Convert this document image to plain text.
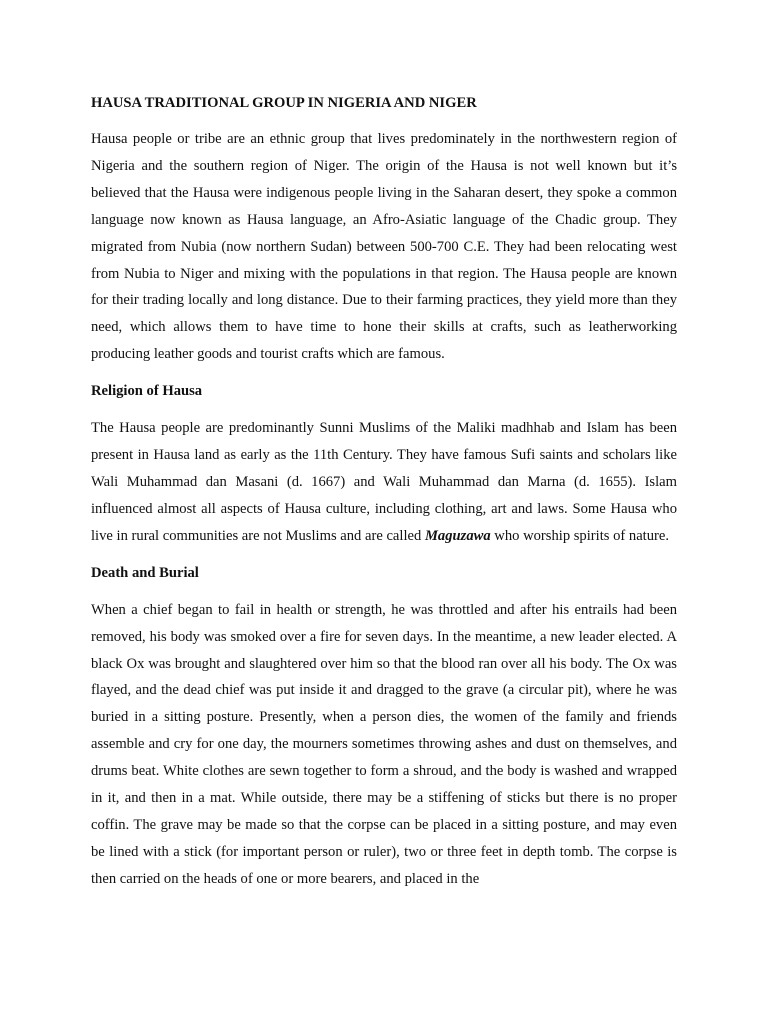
HAUSA TRADITIONAL GROUP IN NIGERIA AND NIGER

Hausa people or tribe are an ethnic group that lives predominately in the northwestern region of Nigeria and the southern region of Niger. The origin of the Hausa is not well known but it’s believed that the Hausa were indigenous people living in the Saharan desert, they spoke a common language now known as Hausa language, an Afro-Asiatic language of the Chadic group. They migrated from Nubia (now northern Sudan) between 500-700 C.E. They had been relocating west from Nubia to Niger and mixing with the populations in that region. The Hausa people are known for their trading locally and long distance. Due to their farming practices, they yield more than they need, which allows them to have time to hone their skills at crafts, such as leatherworking producing leather goods and tourist crafts which are famous.

Religion of Hausa

The Hausa people are predominantly Sunni Muslims of the Maliki madhhab and Islam has been present in Hausa land as early as the 11th Century. They have famous Sufi saints and scholars like Wali Muhammad dan Masani (d. 1667) and Wali Muhammad dan Marna (d. 1655). Islam influenced almost all aspects of Hausa culture, including clothing, art and laws. Some Hausa who live in rural communities are not Muslims and are called Maguzawa who worship spirits of nature.

Death and Burial

When a chief began to fail in health or strength, he was throttled and after his entrails had been removed, his body was smoked over a fire for seven days. In the meantime, a new leader elected. A black Ox was brought and slaughtered over him so that the blood ran over all his body. The Ox was flayed, and the dead chief was put inside it and dragged to the grave (a circular pit), where he was buried in a sitting posture. Presently, when a person dies, the women of the family and friends assemble and cry for one day, the mourners sometimes throwing ashes and dust on themselves, and drums beat. White clothes are sewn together to form a shroud, and the body is washed and wrapped in it, and then in a mat. While outside, there may be a stiffening of sticks but there is no proper coffin. The grave may be made so that the corpse can be placed in a sitting posture, and may even be lined with a stick (for important person or ruler), two or three feet in depth tomb. The corpse is then carried on the heads of one or more bearers, and placed in the
